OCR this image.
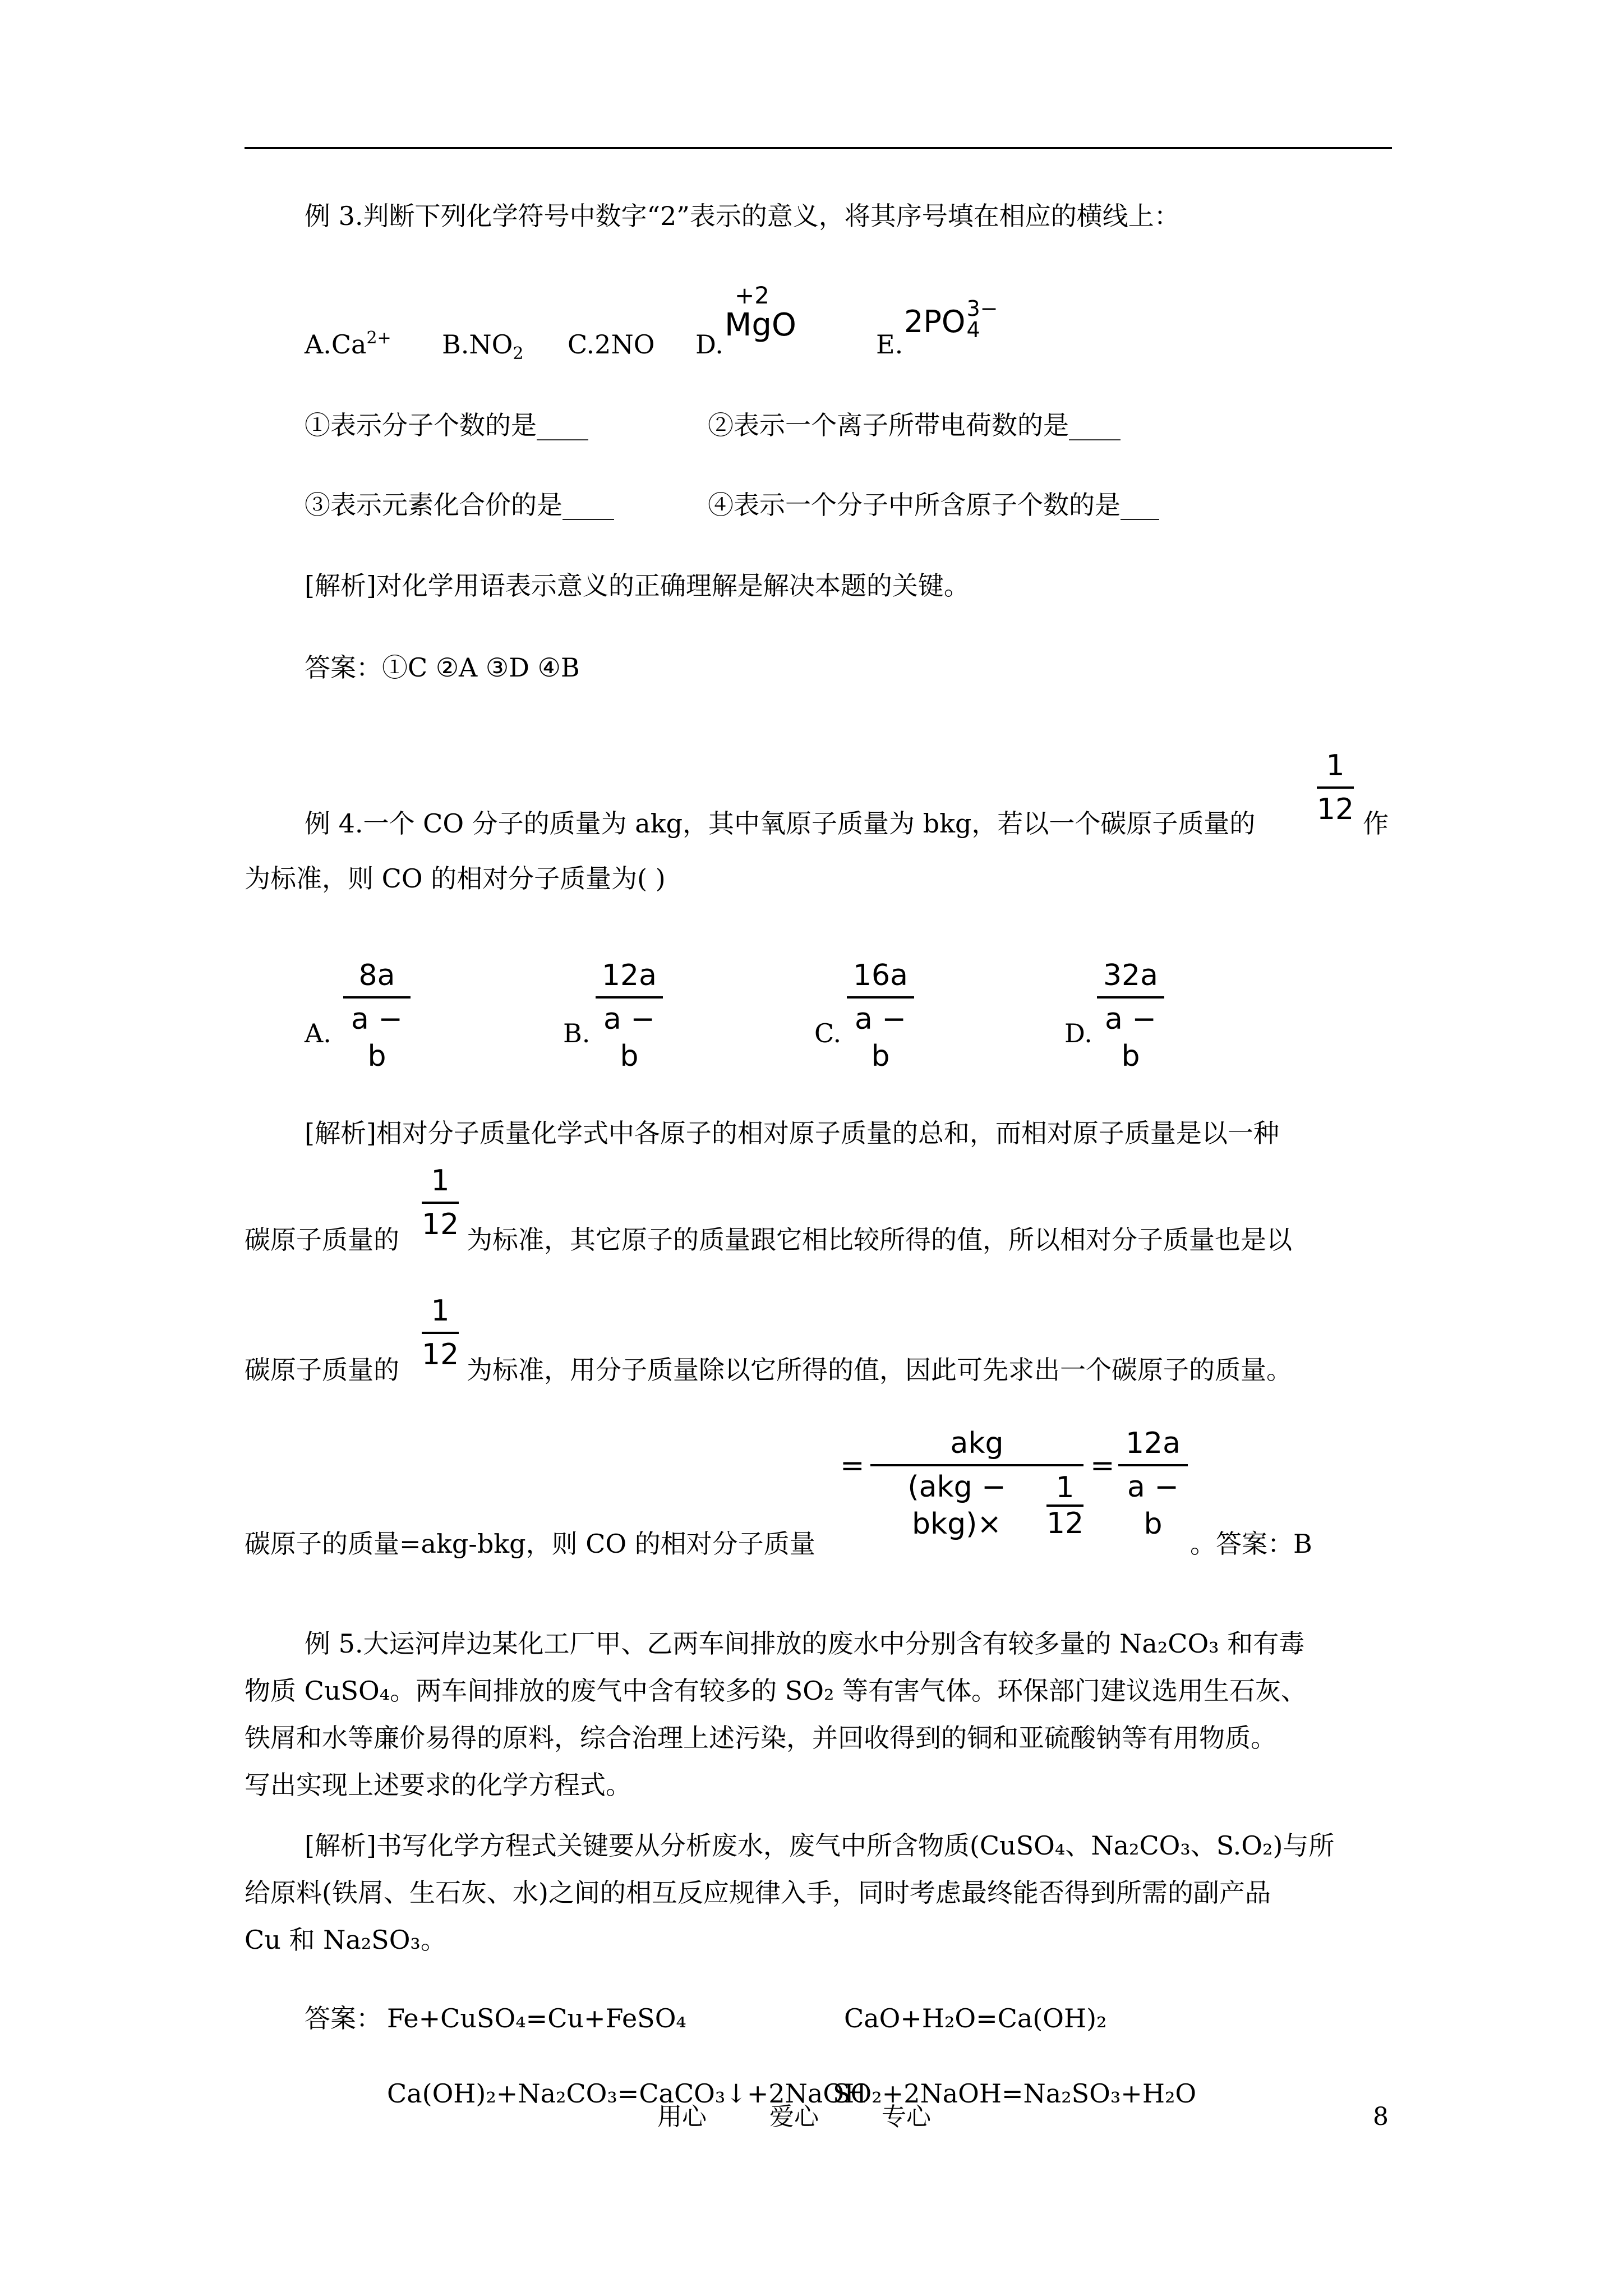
例 3.判断下列化学符号中数字“2”表示的意义，将其序号填在相应的横线上：
$A.Ca^{2+}$ $B.NO_2$ C.2NO D.
+2
MgO
E.
2PO 3−
4
①表示分子个数的是____	②表示一个离子所带电荷数的是____
③表示元素化合价的是____	④表示一个分子中所含原子个数的是___
[解析]对化学用语表示意义的正确理解是解决本题的关键。
答案：①C ②A ③D ④B
例 4.一个 CO 分子的质量为 akg，其中氧原子质量为 bkg，若以一个碳原子质量的
1
12 作
为标准，则 CO 的相对分子质量为( )
A.
8a
a − b
B.
12a
a − b
C.
16a
a − b
D.
32a
a − b
[解析]相对分子质量化学式中各原子的相对原子质量的总和，而相对原子质量是以一种
碳原子质量的
1
12 为标准，其它原子的质量跟它相比较所得的值，所以相对分子质量也是以
碳原子质量的
1
12 为标准，用分子质量除以它所得的值，因此可先求出一个碳原子的质量。
碳原子的质量=akg-bkg，则 CO 的相对分子质量
=
akg
(akg − bkg)×
1
12
=
12a
a − b
。答案：B
例 5.大运河岸边某化工厂甲、乙两车间排放的废水中分别含有较多量的 Na₂CO₃ 和有毒
物质 CuSO₄。两车间排放的废气中含有较多的 SO₂ 等有害气体。环保部门建议选用生石灰、
铁屑和水等廉价易得的原料，综合治理上述污染，并回收得到的铜和亚硫酸钠等有用物质。
写出实现上述要求的化学方程式。
[解析]书写化学方程式关键要从分析废水，废气中所含物质(CuSO₄、Na₂CO₃、S.O₂)与所
给原料(铁屑、生石灰、水)之间的相互反应规律入手，同时考虑最终能否得到所需的副产品
Cu 和 Na₂SO₃。
答案： Fe+CuSO₄=Cu+FeSO₄	CaO+H₂O=Ca(OH)₂
Ca(OH)₂+Na₂CO₃=CaCO₃↓+2NaOH
SO₂+2NaOH=Na₂SO₃+H₂O
用心	爱心	专心	8
